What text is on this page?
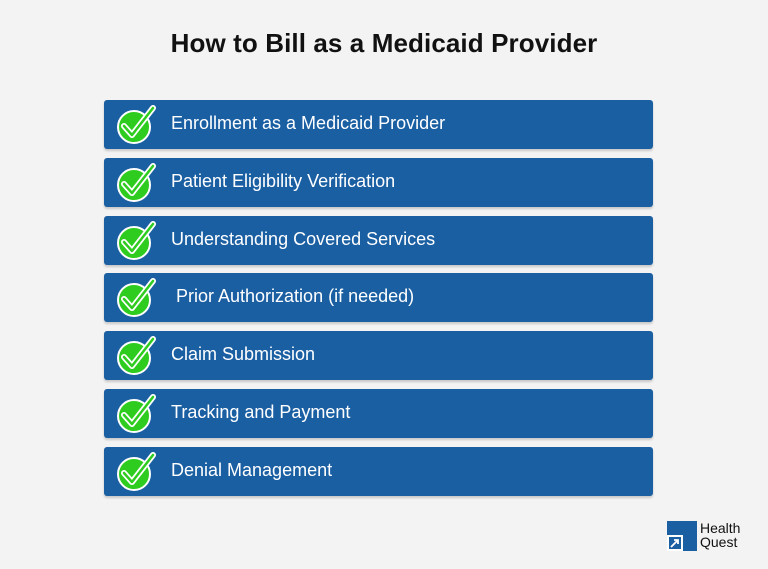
How to Bill as a Medicaid Provider
Enrollment as a Medicaid Provider
Patient Eligibility Verification
Understanding Covered Services
Prior Authorization (if needed)
Claim Submission
Tracking and Payment
Denial Management
Health
Quest
